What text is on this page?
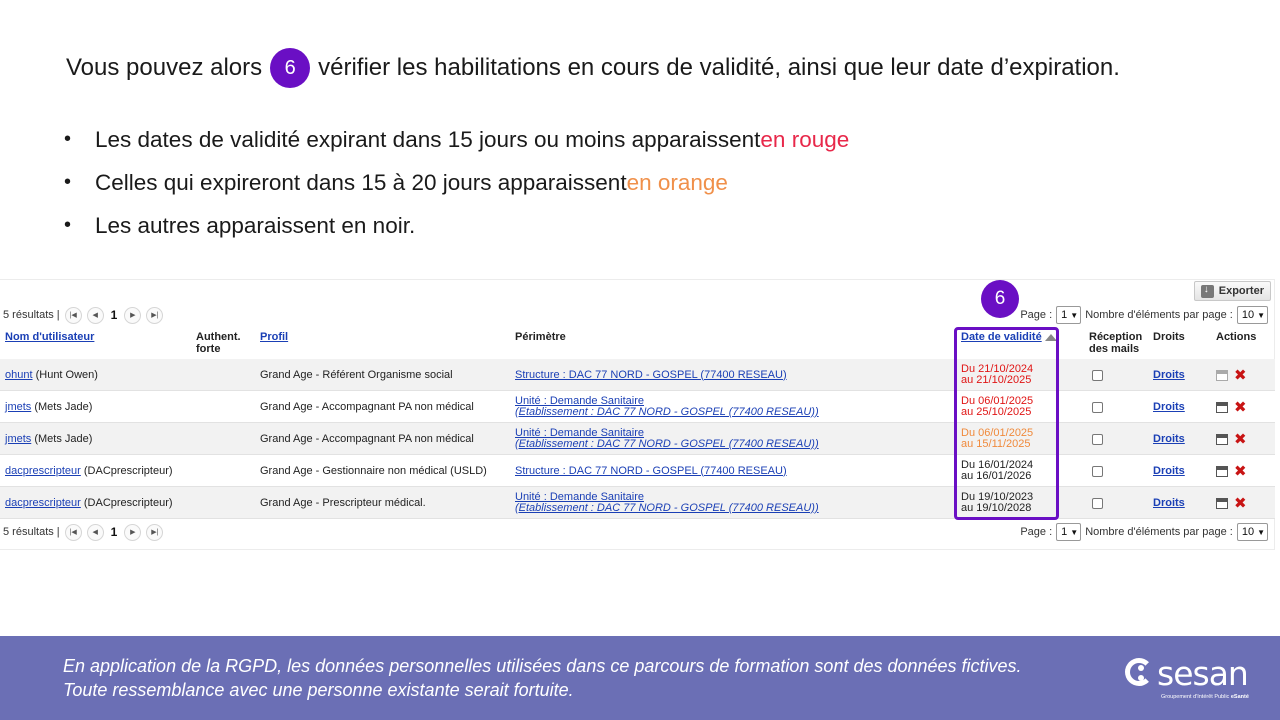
Vous pouvez alors	6 vérifier les habilitations en cours de validité, ainsi que leur date d’expiration.
•	Les dates de validité expirant dans 15 jours ou moins apparaissent en rouge
•	Celles qui expireront dans 15 à 20 jours apparaissent en orange
•	Les autres apparaissent en noir.
↓
Exporter
6
5 résultats |	|◀	◀	1	▶	▶|	Page : 1 ▼ Nombre d'éléments par page : 10 ▼
Nom d'utilisateur	Authent.
forte
Profil	Périmètre	Date de validité	Réception
des mails
Droits	Actions
ohunt (Hunt Owen)	Grand Age - Référent Organisme social	Structure : DAC 77 NORD - GOSPEL (77400 RESEAU)	Du 21/10/2024
au 21/10/2025	Droits	✖
jmets (Mets Jade)	Grand Age - Accompagnant PA non médical	Unité : Demande Sanitaire
(Etablissement : DAC 77 NORD - GOSPEL (77400 RESEAU))
Du 06/01/2025
au 25/10/2025	Droits	✖
jmets (Mets Jade)	Grand Age - Accompagnant PA non médical	Unité : Demande Sanitaire
(Etablissement : DAC 77 NORD - GOSPEL (77400 RESEAU))
Du 06/01/2025
au 15/11/2025	Droits	✖
dacprescripteur (DACprescripteur)	Grand Age - Gestionnaire non médical (USLD)	Structure : DAC 77 NORD - GOSPEL (77400 RESEAU)	Du 16/01/2024
au 16/01/2026	Droits	✖
dacprescripteur (DACprescripteur)	Grand Age - Prescripteur médical.	Unité : Demande Sanitaire
(Etablissement : DAC 77 NORD - GOSPEL (77400 RESEAU))
Du 19/10/2023
au 19/10/2028	Droits	✖
5 résultats |	|◀	◀	1	▶	▶|	Page : 1 ▼ Nombre d'éléments par page : 10 ▼
En application de la RGPD, les données personnelles utilisées dans ce parcours de formation sont des données fictives.
Toute ressemblance avec une personne existante serait fortuite.	sesan
Groupement d'Intérêt Public eSanté
